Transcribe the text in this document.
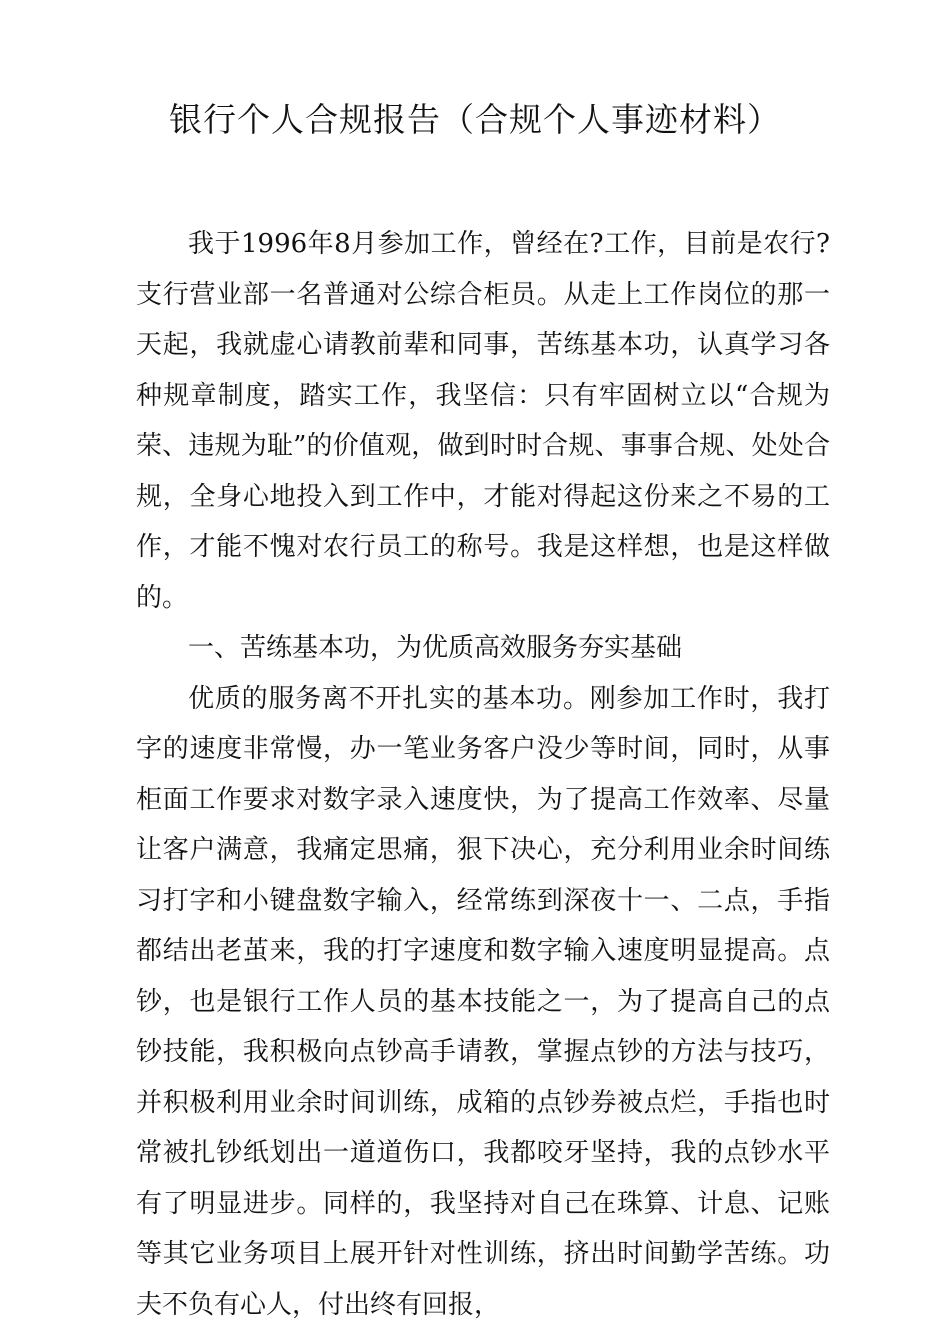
银行个人合规报告（合规个人事迹材料）

我于1996年8月参加工作，曾经在?工作，目前是农行?支行营业部一名普通对公综合柜员。从走上工作岗位的那一天起，我就虚心请教前辈和同事，苦练基本功，认真学习各种规章制度，踏实工作，我坚信：只有牢固树立以“合规为荣、违规为耻”的价值观，做到时时合规、事事合规、处处合规，全身心地投入到工作中，才能对得起这份来之不易的工作，才能不愧对农行员工的称号。我是这样想，也是这样做的。

一、苦练基本功，为优质高效服务夯实基础

优质的服务离不开扎实的基本功。刚参加工作时，我打字的速度非常慢，办一笔业务客户没少等时间，同时，从事柜面工作要求对数字录入速度快，为了提高工作效率、尽量让客户满意，我痛定思痛，狠下决心，充分利用业余时间练习打字和小键盘数字输入，经常练到深夜十一、二点，手指都结出老茧来，我的打字速度和数字输入速度明显提高。点钞，也是银行工作人员的基本技能之一，为了提高自己的点钞技能，我积极向点钞高手请教，掌握点钞的方法与技巧，并积极利用业余时间训练，成箱的点钞券被点烂，手指也时常被扎钞纸划出一道道伤口，我都咬牙坚持，我的点钞水平有了明显进步。同样的，我坚持对自己在珠算、计息、记账等其它业务项目上展开针对性训练，挤出时间勤学苦练。功夫不负有心人，付出终有回报，
